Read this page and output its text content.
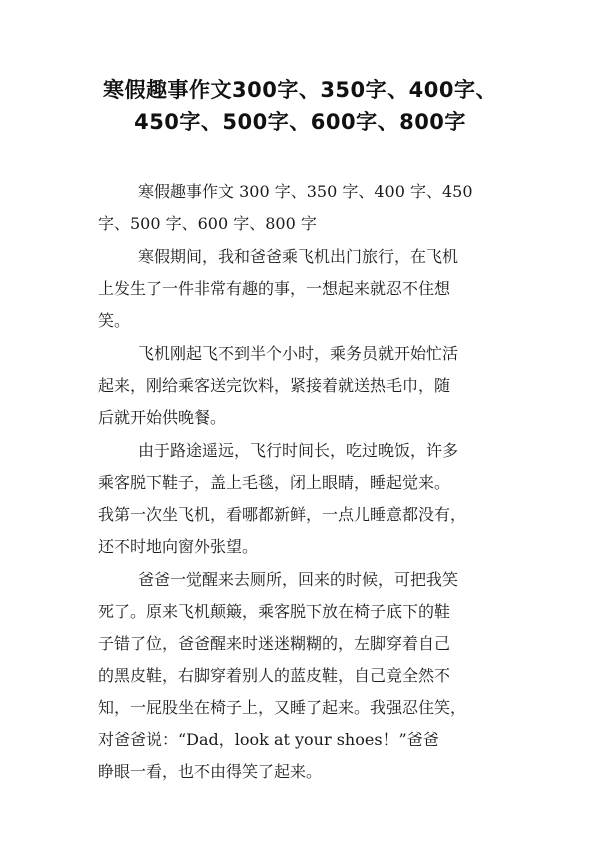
寒假趣事作文300字、350字、400字、
450字、500字、600字、800字
寒假趣事作文 300 字、350 字、400 字、450
字、500 字、600 字、800 字
寒假期间，我和爸爸乘飞机出门旅行，在飞机
上发生了一件非常有趣的事，一想起来就忍不住想
笑。
飞机刚起飞不到半个小时，乘务员就开始忙活
起来，刚给乘客送完饮料，紧接着就送热毛巾，随
后就开始供晚餐。
由于路途遥远，飞行时间长，吃过晚饭，许多
乘客脱下鞋子，盖上毛毯，闭上眼睛，睡起觉来。
我第一次坐飞机，看哪都新鲜，一点儿睡意都没有，
还不时地向窗外张望。
爸爸一觉醒来去厕所，回来的时候，可把我笑
死了。原来飞机颠簸，乘客脱下放在椅子底下的鞋
子错了位，爸爸醒来时迷迷糊糊的，左脚穿着自己
的黑皮鞋，右脚穿着别人的蓝皮鞋，自己竟全然不
知，一屁股坐在椅子上，又睡了起来。我强忍住笑，
对爸爸说：“Dad，look at your shoes！”爸爸
睁眼一看，也不由得笑了起来。
